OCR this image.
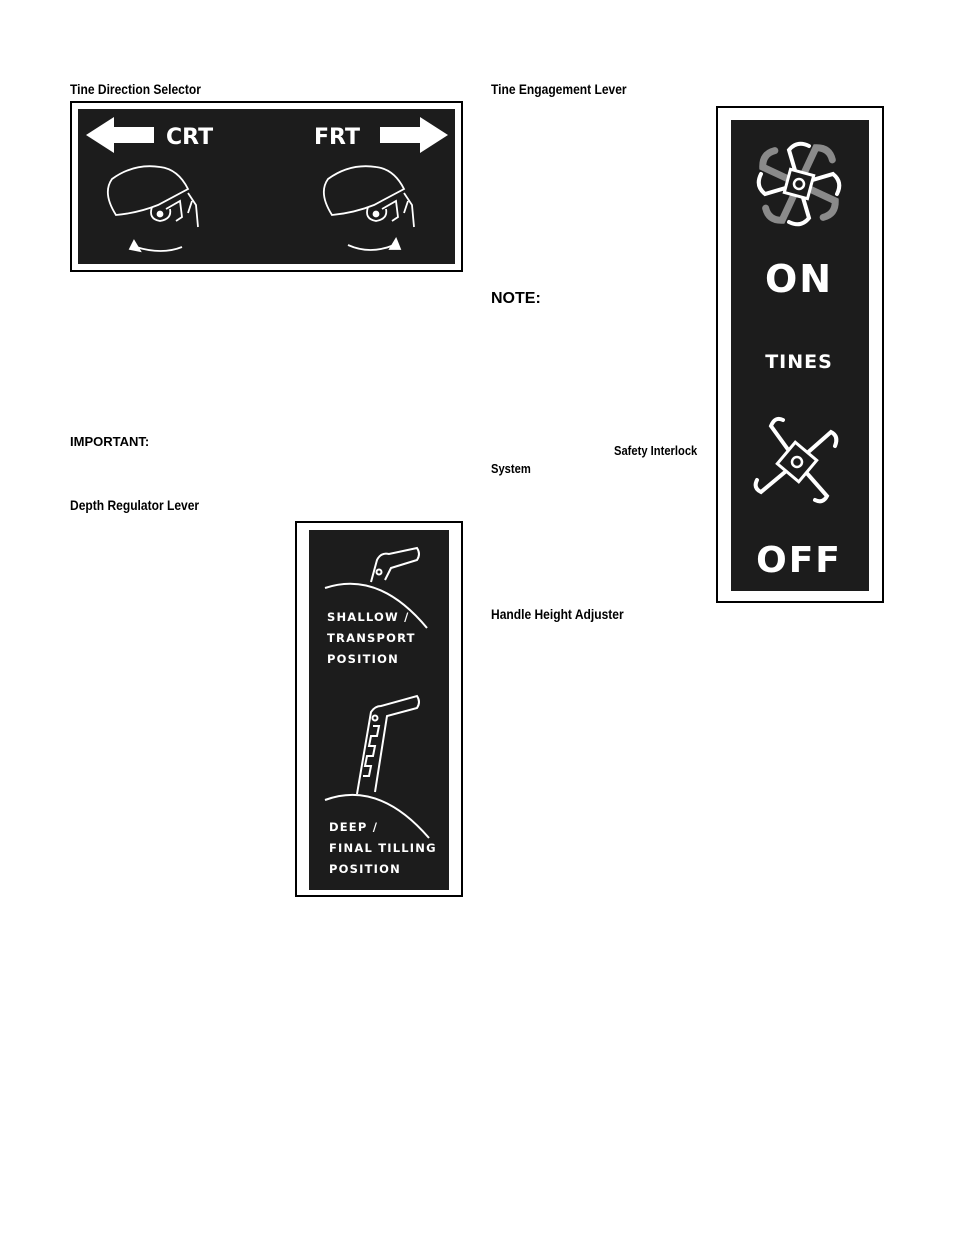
Tine Direction Selector
CRT	FRT
IMPORTANT:
Depth Regulator Lever
SHALLOW /
TRANSPORT
POSITION
DEEP /
FINAL TILLING
POSITION
Tine Engagement Lever
NOTE:
Safety Interlock
System
ON
TINES
OFF
Handle Height Adjuster
